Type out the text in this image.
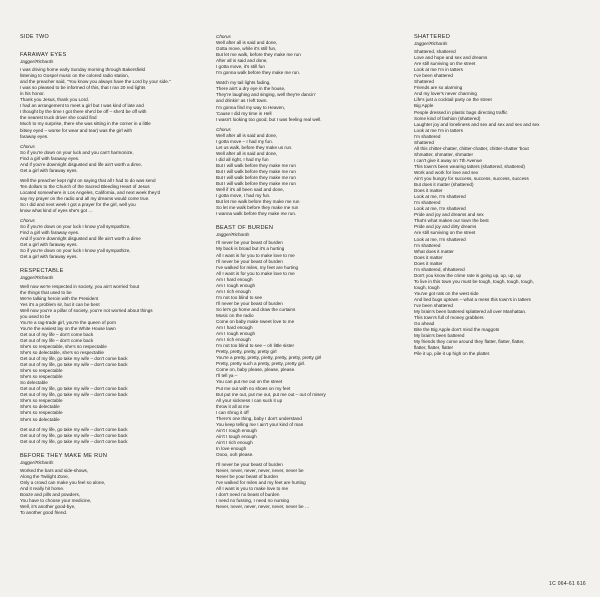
SIDE TWO
FARAWAY EYES
Jagger/Richards
I was driving home early Sunday morning through Bakersfield
listening to Gospel music on the colored radio station,
and the preacher said, "You know you always have the Lord by your side."
I was so pleased to be informed of this, that I ran 20 red lights
in his honor.
Thank you Jesus, thank you Lord.
I had an arrangement to meet a girl but I was kind of late and
I thought by the time I got there she'd be off – she'd be off with
the nearest truck driver she could find
Much to my surprise, there she was sitting in the corner in a little
bitsey eyed – worse for wear and tear) was the girl with
faraway eyes.
Chorus
So if you're down on your luck and you can't harmonize,
Find a girl with faraway eyes.
And if you're downright disgusted and life ain't worth a dime,
Get a girl with faraway eyes.
Well the preacher kept right on saying that all I had to do was send
Ten dollars to the Church of the Sacred Bleeding Heart of Jesus
Located somewhere in Los Angeles, California, and next week they'd
say my prayer on the radio and all my dreams would come true.
So I did and next week I got a prayer for the girl, well you
know what kind of eyes she's got …
Chorus
So if you're down on your luck I know y'all sympathize,
Find a girl with faraway eyes.
And if you're downright disgusted and life ain't worth a dime
Get a girl with faraway eyes.
So if you're down on your luck I know y'all sympathize,
Get a girl with faraway eyes.
RESPECTABLE
Jagger/Richards
Well now we're respected in society, you ain't worried 'bout
the things that used to be
We're talking heroin with the President
Yes it's a problem sir, but it can be bent
Well now you're a pillar of society, you're not worried about things
you used to be
You're a rag-trade girl, you're the queen of porn
You're the easiest lay on the White House lawn
Get out of my life – don't come back
Get out of my life – don't come back
She's so respectable, she's so respectable
She's so delectable, she's so respectable
Get out of my life, go take my wife – don't come back
Get out of my life, go take my wife – don't come back
She's so respectable
She's so respectable
So delectable
Get out of my life, go take my wife – don't come back
Get out of my life, go take my wife – don't come back
She's so respectable
She's so delectable
She's so respectable
She's so delectable
Get out of my life, go take my wife – don't come back
Get out of my life, go take my wife – don't come back
Get out of my life, go take my wife – don't come back
BEFORE THEY MAKE ME RUN
Jagger/Richards
Worked the bars and side-shows,
Along the Twilight Zone,
Only a crowd can make you feel so alone,
And it really hit home.
Booze and pills and powders,
You have to choose your medicine,
Well, it's another good-bye,
To another good friend.
Chorus
Well after all is said and done,
Gotta move, while it's still fun,
But let me walk, before they make me run
After all is said and done,
I gotta move, it's still fun
I'm gonna walk before they make me run.
Watch my tail lights fading,
There ain't a dry eye in the house,
They're laughing and singing, well they're dancin'
and drinkin' as I left town.
I'm gonna find my way to Heaven,
'Cause I did my time in Hell
I wasn't looking too good, but I was feeling real well.
Chorus
Well after all is said and done,
I gotta move – I had my fun.
Let us walk, before they make us run.
Well after all is said and done,
I did all right, I had my fun
But I will walk before they make me run
But I will walk before they make me run
But I will walk before they make me run
But I will walk before they make me run
Well if it's all been said and done,
I gotta move, I had my fun.
But let me walk before they make me run
So let me walk before they make me run
I wanna walk before they make me run.
BEAST OF BURDEN
Jagger/Richards
I'll never be your beast of burden
My back is broad but it's a hurting
All I want is for you to make love to me
I'll never be your beast of burden
I've walked for miles, my feet are hurting
All I want is for you to make love to me
Am I hard enough
Am I rough enough
Am I rich enough
I'm not too blind to see
I'll never be your beast of burden
So let's go home and draw the curtains
Music on the radio
Come on baby make sweet love to me
Am I hard enough
Am I rough enough
Am I rich enough
I'm not too blind to see – oh little sister
Pretty, pretty, pretty, pretty girl
You're a pretty, pretty, pretty, pretty, pretty, pretty girl
Pretty, pretty such a pretty, pretty, pretty girl.
Come on, baby please, please, please.
I'll tell ya –
You can put me out on the street
Put me out with no shoes on my feet
But put me out, put me out, put me out – out of misery
All your sickness I can suck it up
throw it all at me
I can shrug it off
There's one thing, baby I don't understand
You keep telling me I ain't your kind of man
Ain't I rough enough
Ain't I tough enough
Ain't I rich enough
In love enough
Oooo, ooh please.
I'll never be your beast of burden
Never, never, never, never, never, never be
Never be your beast of burden
I've walked for miles and my feet are hurting
All I want is you to make love to me
I don't need no beast of burden
I need no fussing, I need no nursing
Never, never, never, never, never, never be …
SHATTERED
Jagger/Richards
Shattered, shattered
Love and hope and sex and dreams
Are still surviving on the street
Look at me I'm in tatters
I've been shattered
Shattered
Friends are so alarming
And my lover's never charming
Life's just a cocktail party on the street
Big Apple
People dressed in plastic bags directing traffic
Some kind of fashion (shattered)
Laughter joy and loneliness and sex and sex and sex and sex
Look at me I'm in tatters
I'm shattered
Shattered
All this chitter-chatter, chitter-chatter, chitter-chatter 'bout
Shmatter, shmatter, shmatter
I can't give it away on 7th Avenue
This town's been wearing tatters (shattered, shattered)
Work and work for love and sex
Ain't you hungry for success, success, success, success
But does it matter (shattered)
Does it matter
Look at me, I'm shattered
I'm shattered
Look at me, I'm shattered
Pride and joy and dreams and sex
That's what makes our town the best
Pride and joy and dirty dreams
Are still surviving on the street
Look at me, I'm shattered
I'm shattered
What does it matter
Does it matter
Does it matter
I'm shattered, shhattered
Don't you know the crime rate is going up, up, up, up
To live in this town you must be tough, tough, tough, tough,
tough, tough
You've got rats on the west side
And bed bugs uptown – what a mess this town's in tatters
I've been shattered
My brain's been battered splattered all over Manhattan.
This town's full of money grabbers
Go ahead
Bite the Big Apple don't mind the maggots
My brain's been battered
My friends they come around they flatter, flatter, flatter,
flatter, flatter, flatter
Pile it up, pile it up high on the platter.
1C 064-61 616
